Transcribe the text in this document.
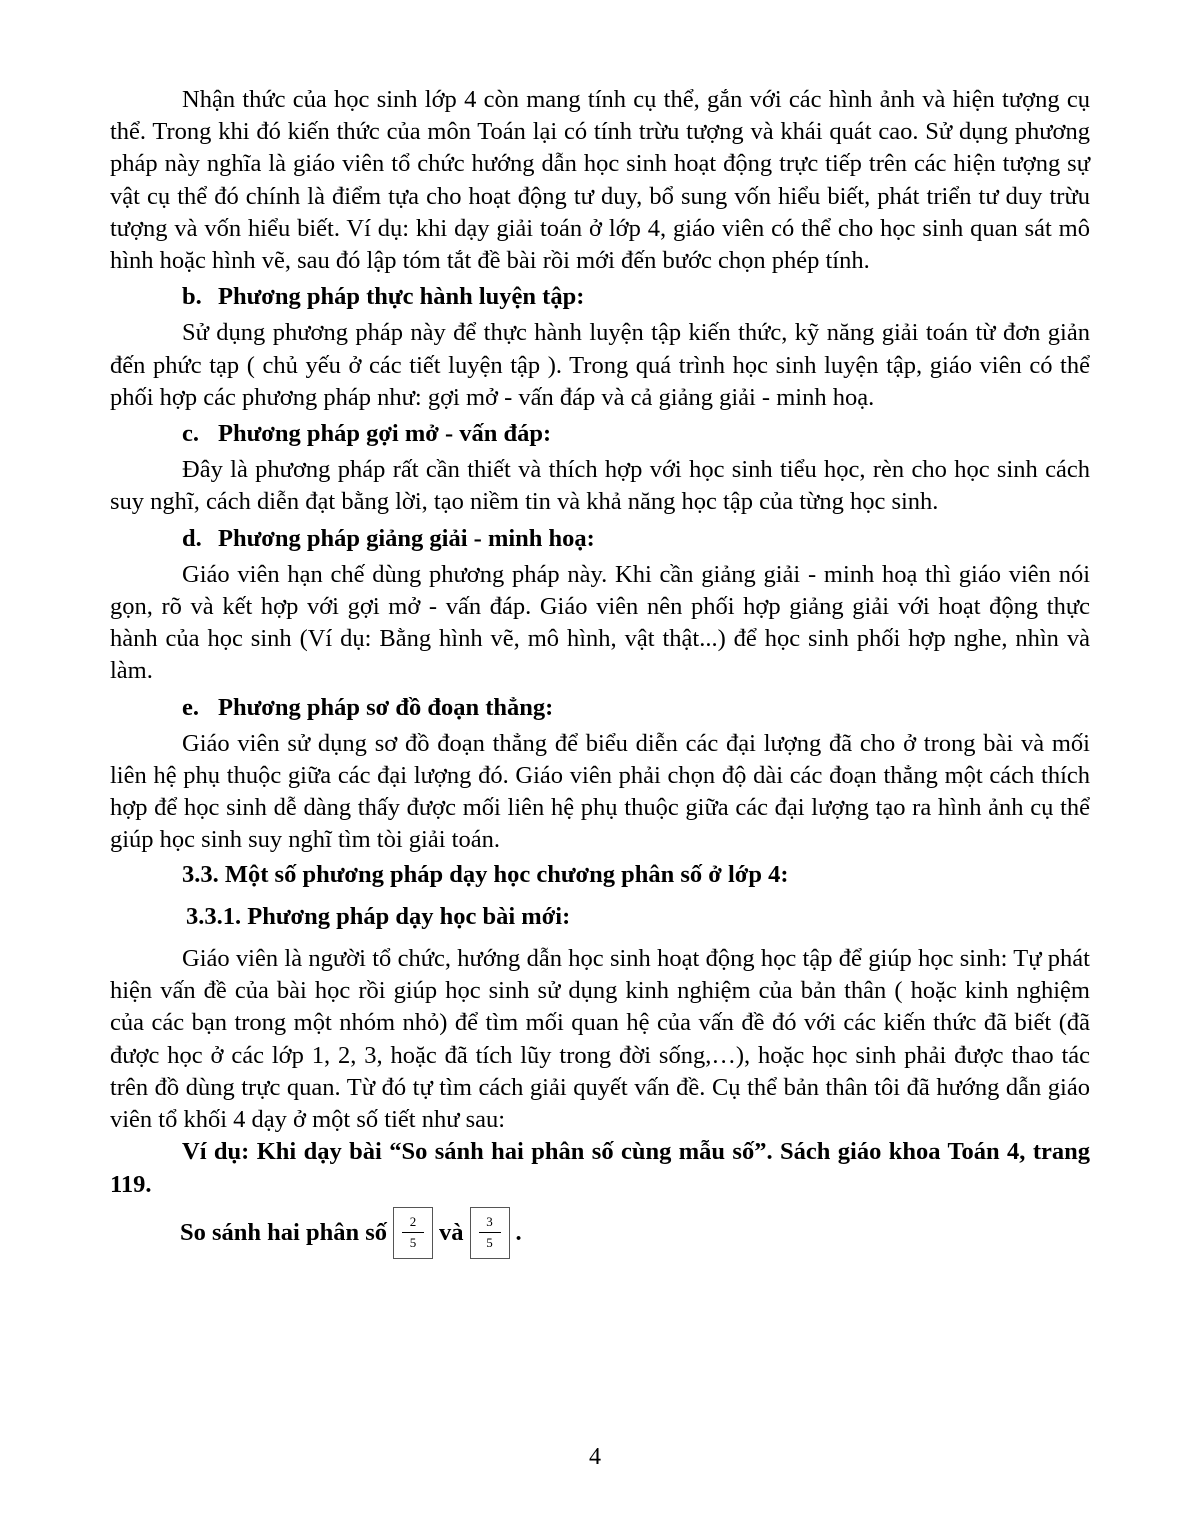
Nhận thức của học sinh lớp 4 còn mang tính cụ thể, gắn với các hình ảnh và hiện tượng cụ thể. Trong khi đó kiến thức của môn Toán lại có tính trừu tượng và khái quát cao. Sử dụng phương pháp này nghĩa là giáo viên tổ chức hướng dẫn học sinh hoạt động trực tiếp trên các hiện tượng sự vật cụ thể đó chính là điểm tựa cho hoạt động tư duy, bổ sung vốn hiểu biết, phát triển tư duy trừu tượng và vốn hiểu biết. Ví dụ: khi dạy giải toán ở lớp 4, giáo viên có thể cho học sinh quan sát mô hình hoặc hình vẽ, sau đó lập tóm tắt đề bài rồi mới đến bước chọn phép tính.

b. Phương pháp thực hành luyện tập:

Sử dụng phương pháp này để thực hành luyện tập kiến thức, kỹ năng giải toán từ đơn giản đến phức tạp ( chủ yếu ở các tiết luyện tập ). Trong quá trình học sinh luyện tập, giáo viên có thể phối hợp các phương pháp như: gợi mở - vấn đáp và cả giảng giải - minh hoạ.

c. Phương pháp gợi mở - vấn đáp:

Đây là phương pháp rất cần thiết và thích hợp với học sinh tiểu học, rèn cho học sinh cách suy nghĩ, cách diễn đạt bằng lời, tạo niềm tin và khả năng học tập của từng học sinh.

d. Phương pháp giảng giải - minh hoạ:

Giáo viên hạn chế dùng phương pháp này. Khi cần giảng giải - minh hoạ thì giáo viên nói gọn, rõ và kết hợp với gợi mở - vấn đáp. Giáo viên nên phối hợp giảng giải với hoạt động thực hành của học sinh (Ví dụ: Bằng hình vẽ, mô hình, vật thật...) để học sinh phối hợp nghe, nhìn và làm.

e. Phương pháp sơ đồ đoạn thẳng:

Giáo viên sử dụng sơ đồ đoạn thẳng để biểu diễn các đại lượng đã cho ở trong bài và mối liên hệ phụ thuộc giữa các đại lượng đó. Giáo viên phải chọn độ dài các đoạn thẳng một cách thích hợp để học sinh dễ dàng thấy được mối liên hệ phụ thuộc giữa các đại lượng tạo ra hình ảnh cụ thể giúp học sinh suy nghĩ tìm tòi giải toán.

3.3. Một số phương pháp dạy học chương phân số ở lớp 4:
3.3.1. Phương pháp dạy học bài mới:

Giáo viên là người tổ chức, hướng dẫn học sinh hoạt động học tập để giúp học sinh: Tự phát hiện vấn đề của bài học rồi giúp học sinh sử dụng kinh nghiệm của bản thân ( hoặc kinh nghiệm của các bạn trong một nhóm nhỏ) để tìm mối quan hệ của vấn đề đó với các kiến thức đã biết (đã được học ở các lớp 1, 2, 3, hoặc đã tích lũy trong đời sống,…), hoặc học sinh phải được thao tác trên đồ dùng trực quan. Từ đó tự tìm cách giải quyết vấn đề. Cụ thể bản thân tôi đã hướng dẫn giáo viên tổ khối 4 dạy ở một số tiết như sau:

Ví dụ: Khi dạy bài “So sánh hai phân số cùng mẫu số”. Sách giáo khoa Toán 4, trang 119.

So sánh hai phân số $\frac{2}{5}$ và $\frac{3}{5}$ .
4
